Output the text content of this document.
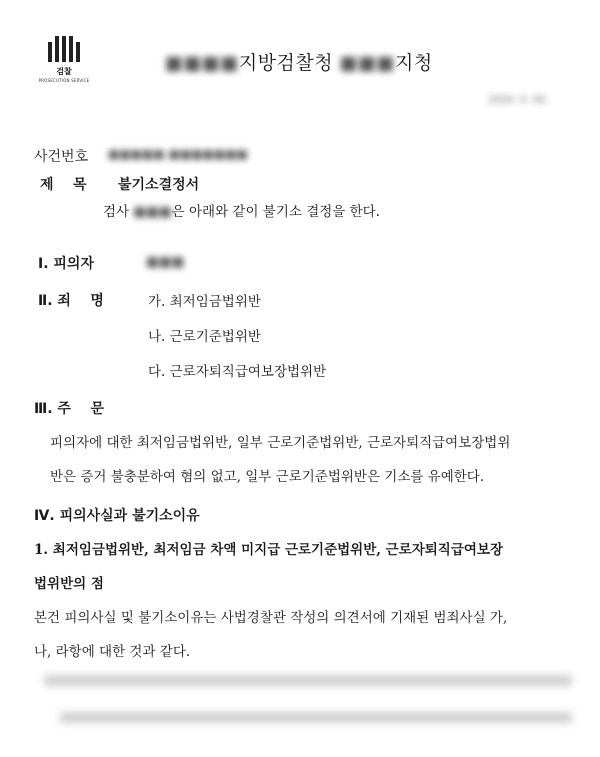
검찰
PROSECUTION SERVICE
■■■■지방검찰청 ■■■지청
2020. 0. 00.
사건번호 ■■■■■ ■■■■■■■
제    목 불기소결정서
검사 ■■■은 아래와 같이 불기소 결정을 한다.
Ⅰ. 피의자	■■■
Ⅱ. 죄    명	가. 최저임금법위반
나. 근로기준법위반
다. 근로자퇴직급여보장법위반
Ⅲ. 주    문
피의자에 대한 최저임금법위반, 일부 근로기준법위반, 근로자퇴직급여보장법위
반은 증거 불충분하여 혐의 없고, 일부 근로기준법위반은 기소를 유예한다.
Ⅳ. 피의사실과 불기소이유
1. 최저임금법위반, 최저임금 차액 미지급 근로기준법위반, 근로자퇴직급여보장
법위반의 점
본건 피의사실 및 불기소이유는 사법경찰관 작성의 의견서에 기재된 범죄사실 가,
나, 라항에 대한 것과 같다.
